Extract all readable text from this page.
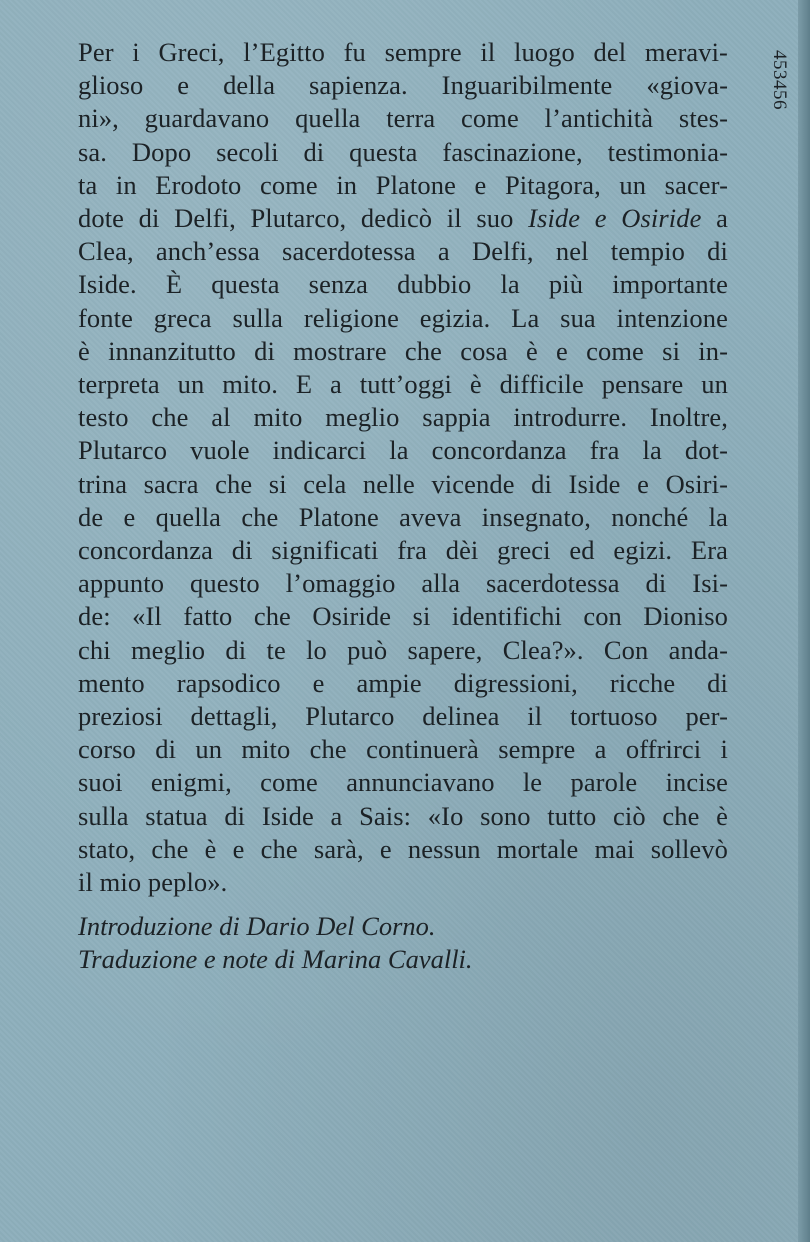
453456
Per i Greci, l’Egitto fu sempre il luogo del meravi-
glioso e della sapienza. Inguaribilmente «giova-
ni», guardavano quella terra come l’antichità stes-
sa. Dopo secoli di questa fascinazione, testimonia-
ta in Erodoto come in Platone e Pitagora, un sacer-
dote di Delfi, Plutarco, dedicò il suo Iside e Osiride a
Clea, anch’essa sacerdotessa a Delfi, nel tempio di
Iside. È questa senza dubbio la più importante
fonte greca sulla religione egizia. La sua intenzione
è innanzitutto di mostrare che cosa è e come si in-
terpreta un mito. E a tutt’oggi è difficile pensare un
testo che al mito meglio sappia introdurre. Inoltre,
Plutarco vuole indicarci la concordanza fra la dot-
trina sacra che si cela nelle vicende di Iside e Osiri-
de e quella che Platone aveva insegnato, nonché la
concordanza di significati fra dèi greci ed egizi. Era
appunto questo l’omaggio alla sacerdotessa di Isi-
de: «Il fatto che Osiride si identifichi con Dioniso
chi meglio di te lo può sapere, Clea?». Con anda-
mento rapsodico e ampie digressioni, ricche di
preziosi dettagli, Plutarco delinea il tortuoso per-
corso di un mito che continuerà sempre a offrirci i
suoi enigmi, come annunciavano le parole incise
sulla statua di Iside a Sais: «Io sono tutto ciò che è
stato, che è e che sarà, e nessun mortale mai sollevò
il mio peplo».
Introduzione di Dario Del Corno.
Traduzione e note di Marina Cavalli.
